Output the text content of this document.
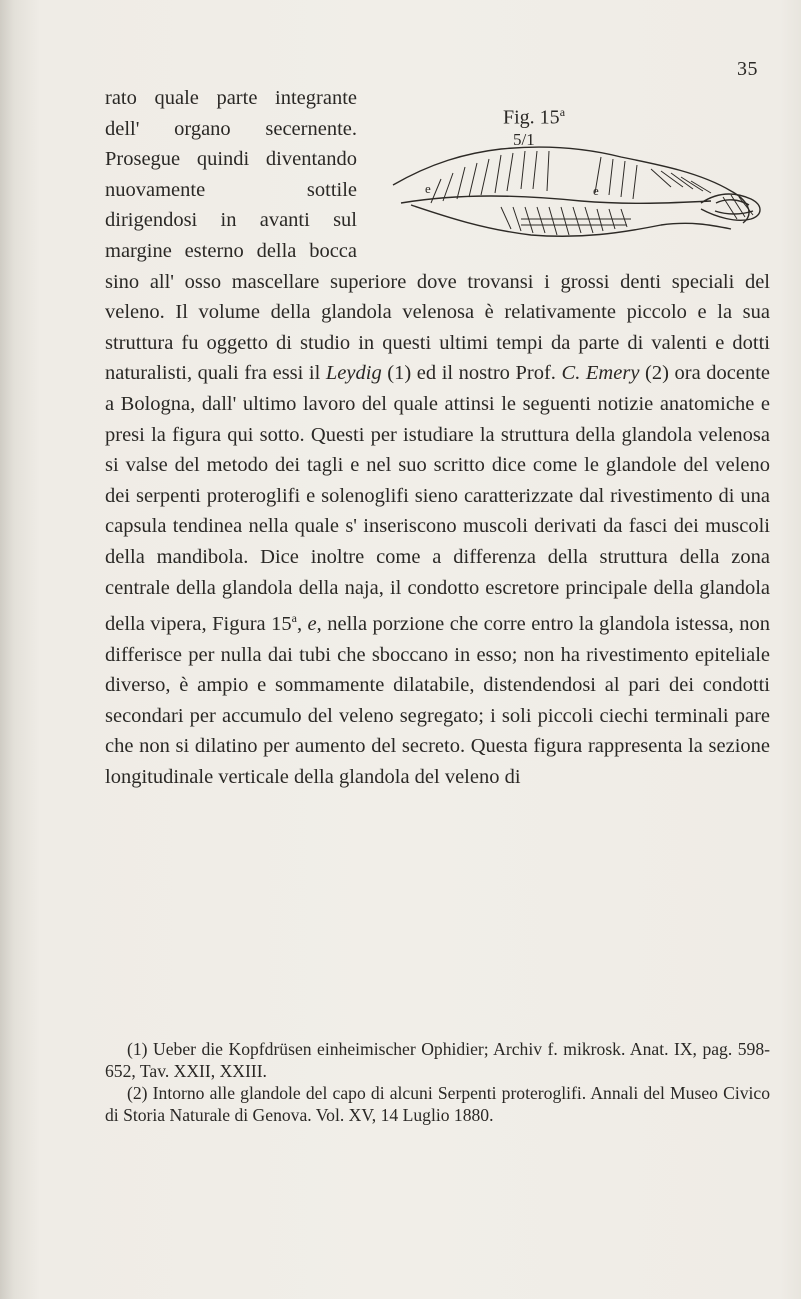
35
Fig. 15$^a$
5/1
e	e

rato quale parte integrante dell' organo secernente. Prosegue quindi diventando nuovamente sottile dirigendosi in avanti sul margine esterno della bocca sino all' osso mascellare superiore dove trovansi i grossi denti speciali del veleno. Il volume della glandola velenosa è relativamente piccolo e la sua struttura fu oggetto di studio in questi ultimi tempi da parte di valenti e dotti naturalisti, quali fra essi il Leydig (1) ed il nostro Prof. C. Emery (2) ora docente a Bologna, dall' ultimo lavoro del quale attinsi le seguenti notizie anatomiche e presi la figura qui sotto. Questi per istudiare la struttura della glandola velenosa si valse del metodo dei tagli e nel suo scritto dice come le glandole del veleno dei serpenti proteroglifi e solenoglifi sieno caratterizzate dal rivestimento di una capsula tendinea nella quale s' inseriscono muscoli derivati da fasci dei muscoli della mandibola. Dice inoltre come a differenza della struttura della zona centrale della glandola della naja, il condotto escretore principale della glandola della vipera, Figura 15$^a$, e, nella porzione che corre entro la glandola istessa, non differisce per nulla dai tubi che sboccano in esso; non ha rivestimento epiteliale diverso, è ampio e sommamente dilatabile, distendendosi al pari dei condotti secondari per accumulo del veleno segregato; i soli piccoli ciechi terminali pare che non si dilatino per aumento del secreto. Questa figura rappresenta la sezione longitudinale verticale della glandola del veleno di

(1) Ueber die Kopfdrüsen einheimischer Ophidier; Archiv f. mikrosk. Anat. IX, pag. 598-652, Tav. XXII, XXIII.

(2) Intorno alle glandole del capo di alcuni Serpenti proteroglifi. Annali del Museo Civico di Storia Naturale di Genova. Vol. XV, 14 Luglio 1880.
